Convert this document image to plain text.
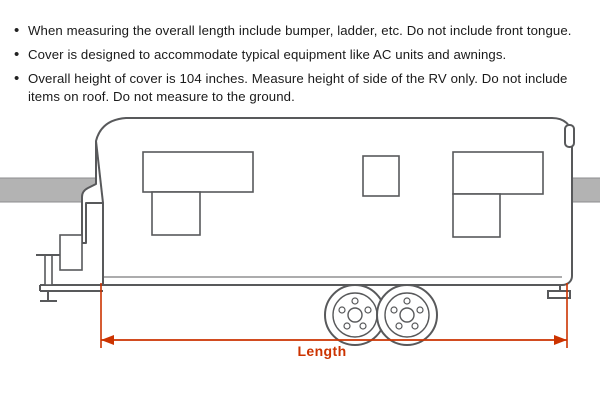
• When measuring the overall length include bumper, ladder, etc. Do not include front tongue.
• Cover is designed to accommodate typical equipment like AC units and awnings.
• Overall height of cover is 104 inches. Measure height of side of the RV only. Do not include items on roof. Do not measure to the ground.
Length
